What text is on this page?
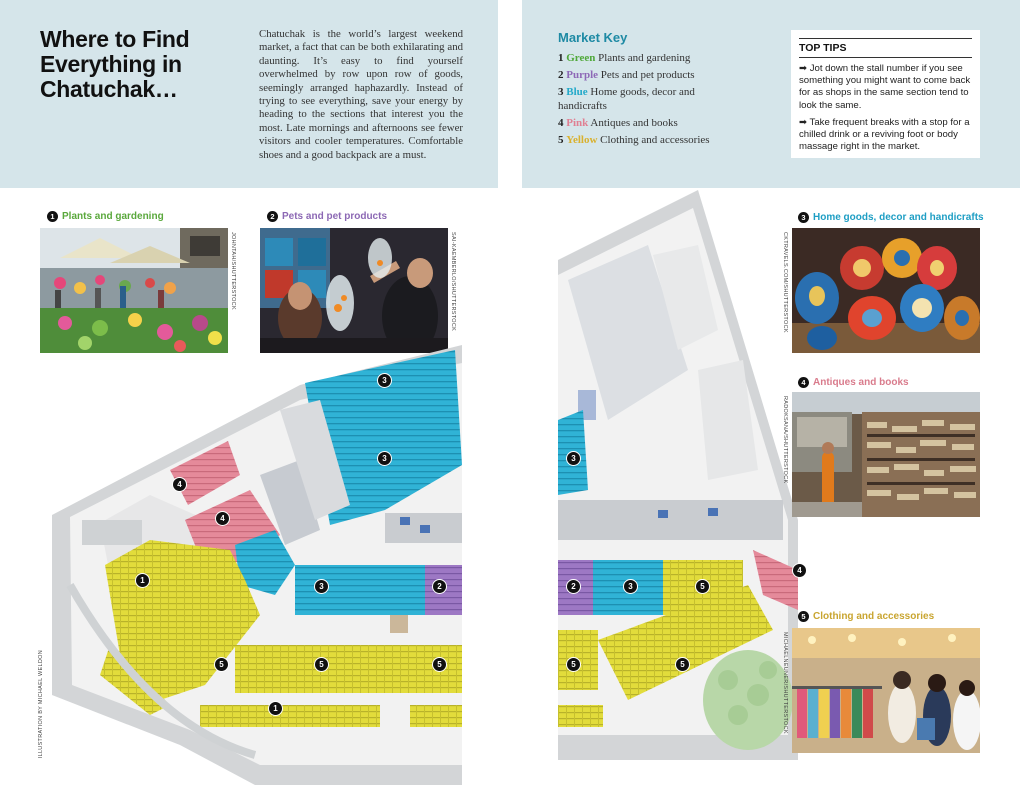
Where to Find
Everything in
Chatuchak…
Chatuchak is the world’s largest weekend market, a fact that can be both exhilarating and daunting. It’s easy to find yourself overwhelmed by row upon row of goods, seemingly arranged haphazardly. Instead of trying to see everything, save your energy by heading to the sections that interest you the most. Late mornings and afternoons see fewer visitors and cooler temperatures. Comfortable shoes and a good backpack are a must.
1 Plants and gardening
JOHNTAH/SHUTTERSTOCK
2 Pets and pet products
SAI-KAEMBERLO/SHUTTERSTOCK
3
3
4
4
1
3	2
5	5	5
1
ILLUSTRATION BY MICHAEL WELDON
Market Key
1 Green Plants and gardening
2 Purple Pets and pet products
3 Blue Home goods, decor and handicrafts
4 Pink Antiques and books
5 Yellow Clothing and accessories
TOP TIPS
➡ Jot down the stall number if you see something you might want to come back for as shops in the same section tend to look the same.
➡ Take frequent breaks with a stop for a chilled drink or a reviving foot or body massage right in the market.
3
2	3	5
4
5	5
3 Home goods, decor and handicrafts
CKTRAVELS.COM/SHUTTERSTOCK
4 Antiques and books
RADOKSANA/SHUTTERSTOCK
5 Clothing and accessories
MICHAELNEUNER/SHUTTERSTOCK
